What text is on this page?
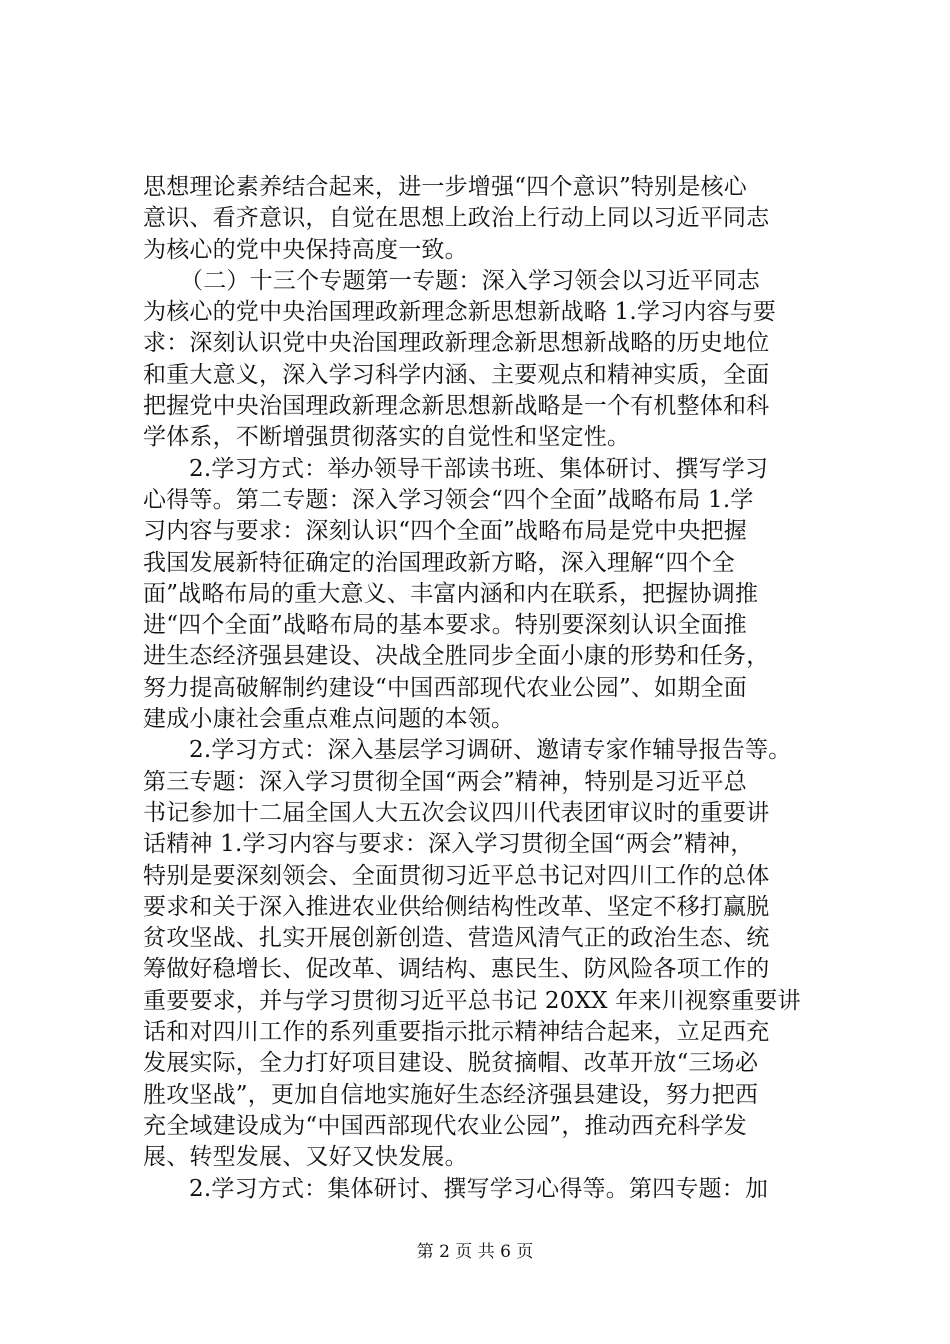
思想理论素养结合起来，进一步增强“四个意识”特别是核心
意识、看齐意识，自觉在思想上政治上行动上同以习近平同志
为核心的党中央保持高度一致。
（二）十三个专题第一专题：深入学习领会以习近平同志
为核心的党中央治国理政新理念新思想新战略 1.学习内容与要
求：深刻认识党中央治国理政新理念新思想新战略的历史地位
和重大意义，深入学习科学内涵、主要观点和精神实质，全面
把握党中央治国理政新理念新思想新战略是一个有机整体和科
学体系，不断增强贯彻落实的自觉性和坚定性。
2.学习方式：举办领导干部读书班、集体研讨、撰写学习
心得等。第二专题：深入学习领会“四个全面”战略布局 1.学
习内容与要求：深刻认识“四个全面”战略布局是党中央把握
我国发展新特征确定的治国理政新方略，深入理解“四个全
面”战略布局的重大意义、丰富内涵和内在联系，把握协调推
进“四个全面”战略布局的基本要求。特别要深刻认识全面推
进生态经济强县建设、决战全胜同步全面小康的形势和任务，
努力提高破解制约建设“中国西部现代农业公园”、如期全面
建成小康社会重点难点问题的本领。
2.学习方式：深入基层学习调研、邀请专家作辅导报告等。
第三专题：深入学习贯彻全国“两会”精神，特别是习近平总
书记参加十二届全国人大五次会议四川代表团审议时的重要讲
话精神 1.学习内容与要求：深入学习贯彻全国“两会”精神，
特别是要深刻领会、全面贯彻习近平总书记对四川工作的总体
要求和关于深入推进农业供给侧结构性改革、坚定不移打赢脱
贫攻坚战、扎实开展创新创造、营造风清气正的政治生态、统
筹做好稳增长、促改革、调结构、惠民生、防风险各项工作的
重要要求，并与学习贯彻习近平总书记 20XX 年来川视察重要讲
话和对四川工作的系列重要指示批示精神结合起来，立足西充
发展实际，全力打好项目建设、脱贫摘帽、改革开放“三场必
胜攻坚战”，更加自信地实施好生态经济强县建设，努力把西
充全域建设成为“中国西部现代农业公园”，推动西充科学发
展、转型发展、又好又快发展。
2.学习方式：集体研讨、撰写学习心得等。第四专题：加
第 2 页 共 6 页
